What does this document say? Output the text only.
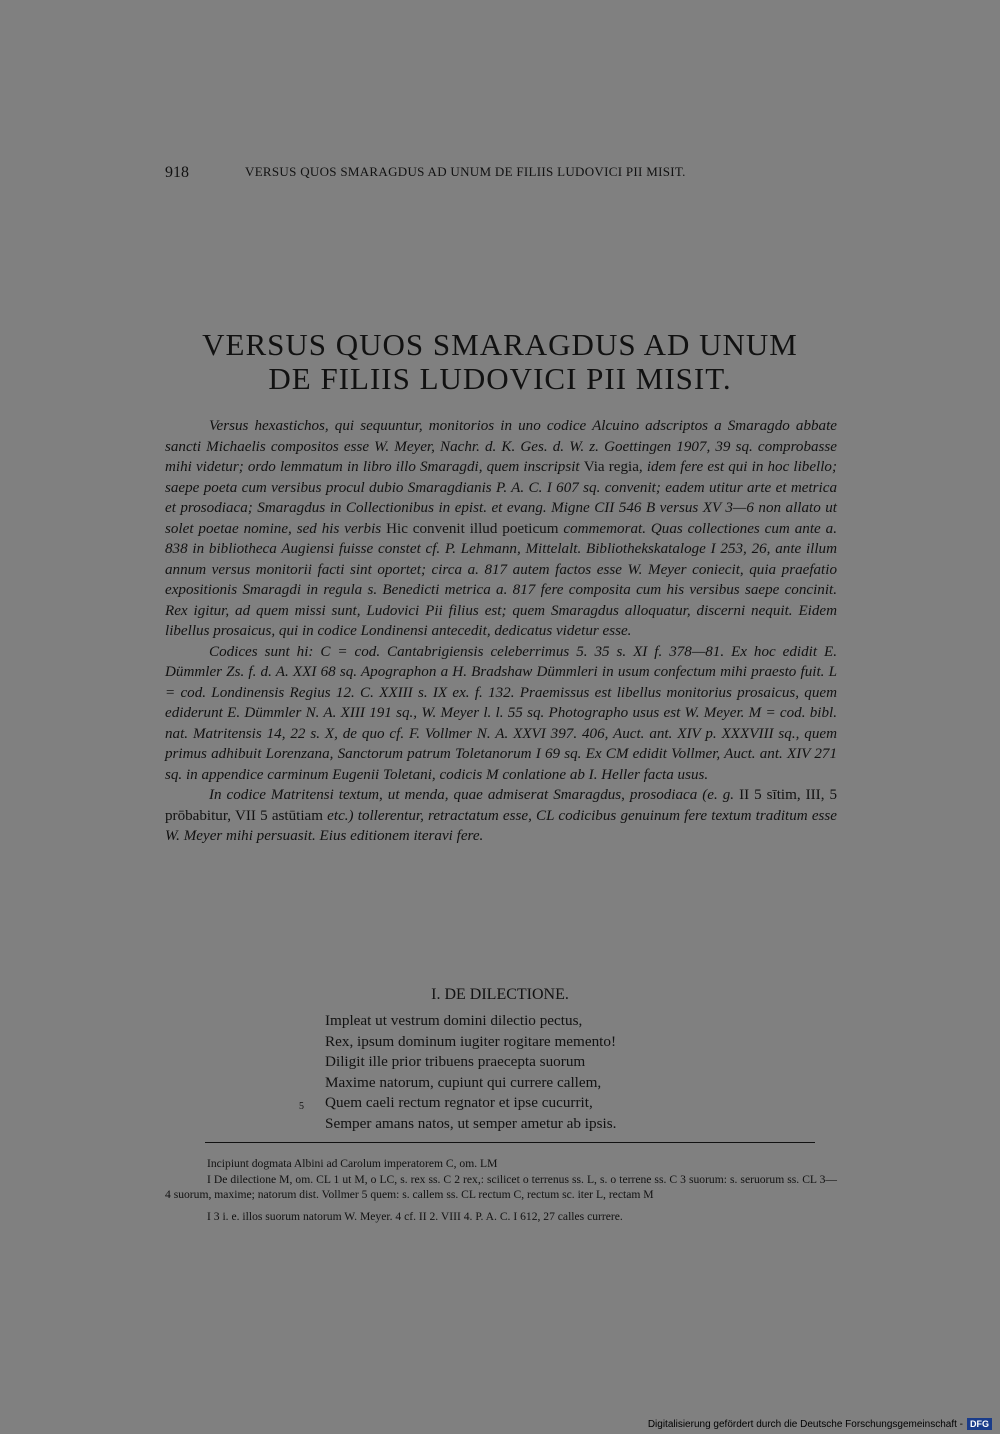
918	VERSUS QUOS SMARAGDUS AD UNUM DE FILIIS LUDOVICI PII MISIT.
VERSUS QUOS SMARAGDUS AD UNUM
DE FILIIS LUDOVICI PII MISIT.

Versus hexastichos, qui sequuntur, monitorios in uno codice Alcuino adscriptos a Smaragdo abbate sancti Michaelis compositos esse W. Meyer, Nachr. d. K. Ges. d. W. z. Goettingen 1907, 39 sq. comprobasse mihi videtur; ordo lemmatum in libro illo Smaragdi, quem inscripsit Via regia, idem fere est qui in hoc libello; saepe poeta cum versibus procul dubio Smaragdianis P. A. C. I 607 sq. convenit; eadem utitur arte et metrica et prosodiaca; Smaragdus in Collectionibus in epist. et evang. Migne CII 546 B versus XV 3—6 non allato ut solet poetae nomine, sed his verbis Hic convenit illud poeticum commemorat. Quas collectiones cum ante a. 838 in bibliotheca Augiensi fuisse constet cf. P. Lehmann, Mittelalt. Bibliothekskataloge I 253, 26, ante illum annum versus monitorii facti sint oportet; circa a. 817 autem factos esse W. Meyer coniecit, quia praefatio expositionis Smaragdi in regula s. Benedicti metrica a. 817 fere composita cum his versibus saepe concinit. Rex igitur, ad quem missi sunt, Ludovici Pii filius est; quem Smaragdus alloquatur, discerni nequit. Eidem libellus prosaicus, qui in codice Londinensi antecedit, dedicatus videtur esse.

Codices sunt hi: C = cod. Cantabrigiensis celeberrimus 5. 35 s. XI f. 378—81. Ex hoc edidit E. Dümmler Zs. f. d. A. XXI 68 sq. Apographon a H. Bradshaw Dümmleri in usum confectum mihi praesto fuit. L = cod. Londinensis Regius 12. C. XXIII s. IX ex. f. 132. Praemissus est libellus monitorius prosaicus, quem ediderunt E. Dümmler N. A. XIII 191 sq., W. Meyer l. l. 55 sq. Photographo usus est W. Meyer. M = cod. bibl. nat. Matritensis 14, 22 s. X, de quo cf. F. Vollmer N. A. XXVI 397. 406, Auct. ant. XIV p. XXXVIII sq., quem primus adhibuit Lorenzana, Sanctorum patrum Toletanorum I 69 sq. Ex CM edidit Vollmer, Auct. ant. XIV 271 sq. in appendice carminum Eugenii Toletani, codicis M conlatione ab I. Heller facta usus.

In codice Matritensi textum, ut menda, quae admiserat Smaragdus, prosodiaca (e. g. II 5 sītim, III, 5 prōbabitur, VII 5 astūtiam etc.) tollerentur, retractatum esse, CL codicibus genuinum fere textum traditum esse W. Meyer mihi persuasit. Eius editionem iteravi fere.

I. DE DILECTIONE.
Impleat ut vestrum domini dilectio pectus,
Rex, ipsum dominum iugiter rogitare memento!
Diligit ille prior tribuens praecepta suorum
Maxime natorum, cupiunt qui currere callem,
5 Quem caeli rectum regnator et ipse cucurrit,
Semper amans natos, ut semper ametur ab ipsis.

Incipiunt dogmata Albini ad Carolum imperatorem C, om. LM

I De dilectione M, om. CL 1 ut M, o LC, s. rex ss. C 2 rex,: scilicet o terrenus ss. L, s. o terrene ss. C 3 suorum: s. seruorum ss. CL 3—4 suorum, maxime; natorum dist. Vollmer 5 quem: s. callem ss. CL rectum C, rectum sc. iter L, rectam M

I 3 i. e. illos suorum natorum W. Meyer. 4 cf. II 2. VIII 4. P. A. C. I 612, 27 calles currere.

Digitalisierung gefördert durch die Deutsche Forschungsgemeinschaft - DFG
